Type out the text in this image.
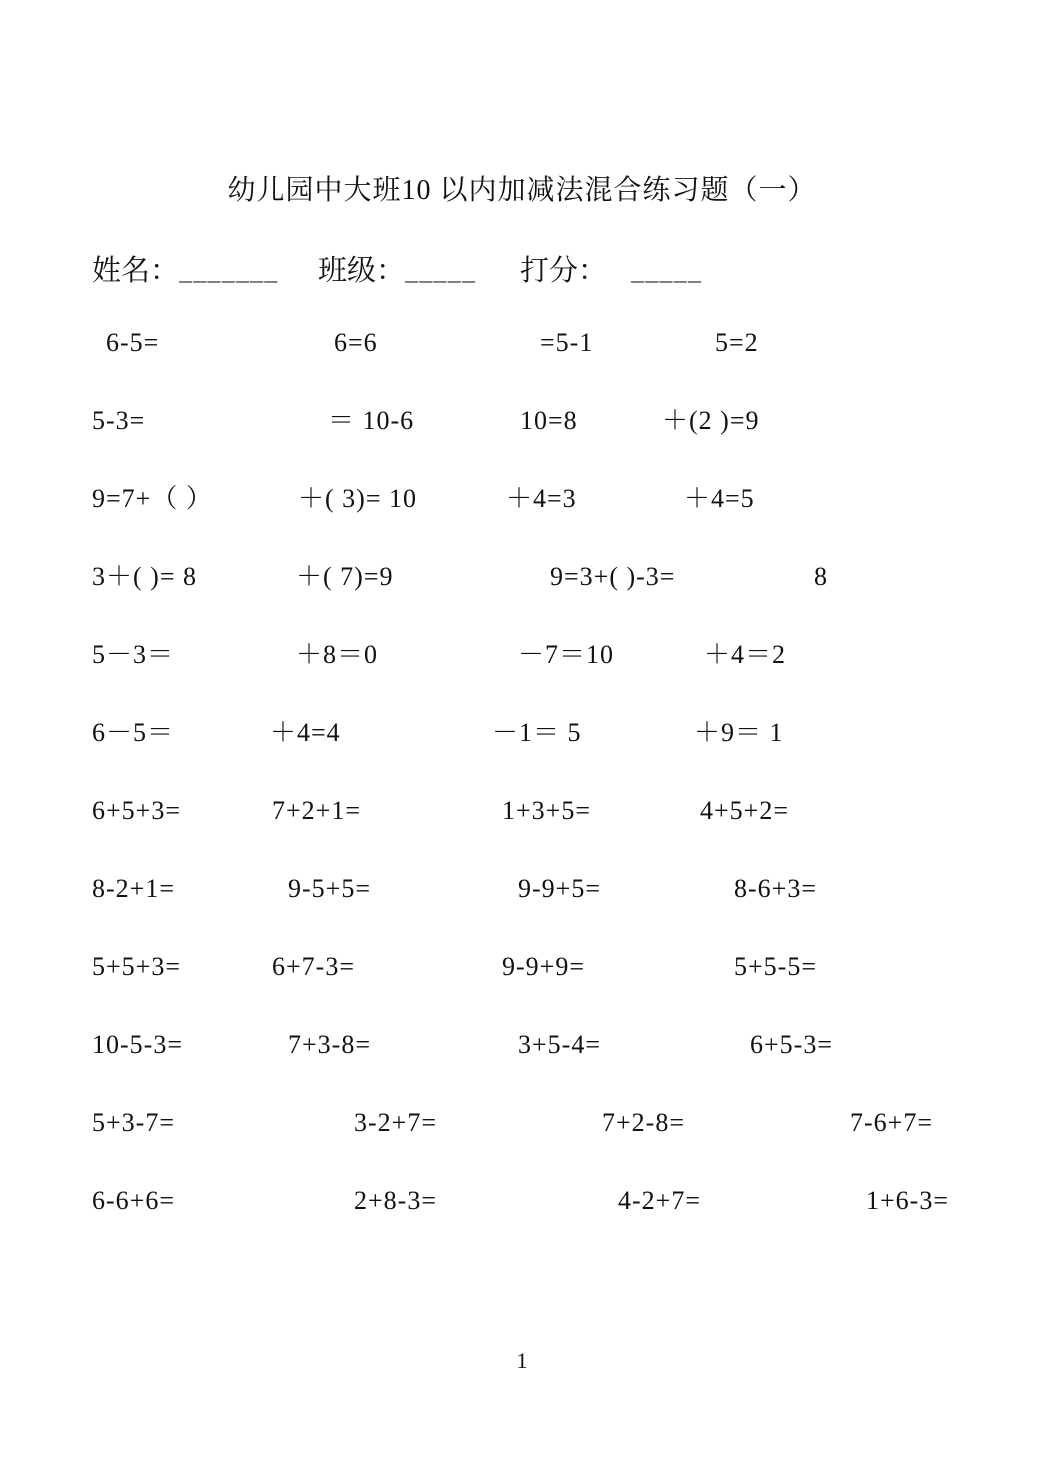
幼儿园中大班10 以内加减法混合练习题（一）
姓名：_______ 班级：_____ 打分： _____
6-5=	6=6	=5-1	5=2
5-3=	＝ 10-6	10=8	＋(2 )=9
9=7+（ ）	＋( 3)= 10	＋4=3	＋4=5
3＋( )= 8	＋( 7)=9	9=3+( )-3=	8
5－3＝	＋8＝0	－7＝10	＋4＝2
6－5＝	＋4=4	－1＝ 5	＋9＝ 1
6+5+3=	7+2+1=	1+3+5=	4+5+2=
8-2+1=	9-5+5=	9-9+5=	8-6+3=
5+5+3=	6+7-3=	9-9+9=	5+5-5=
10-5-3=	7+3-8=	3+5-4=	6+5-3=
5+3-7=	3-2+7=	7+2-8=	7-6+7=
6-6+6=	2+8-3=	4-2+7=	1+6-3=
1
